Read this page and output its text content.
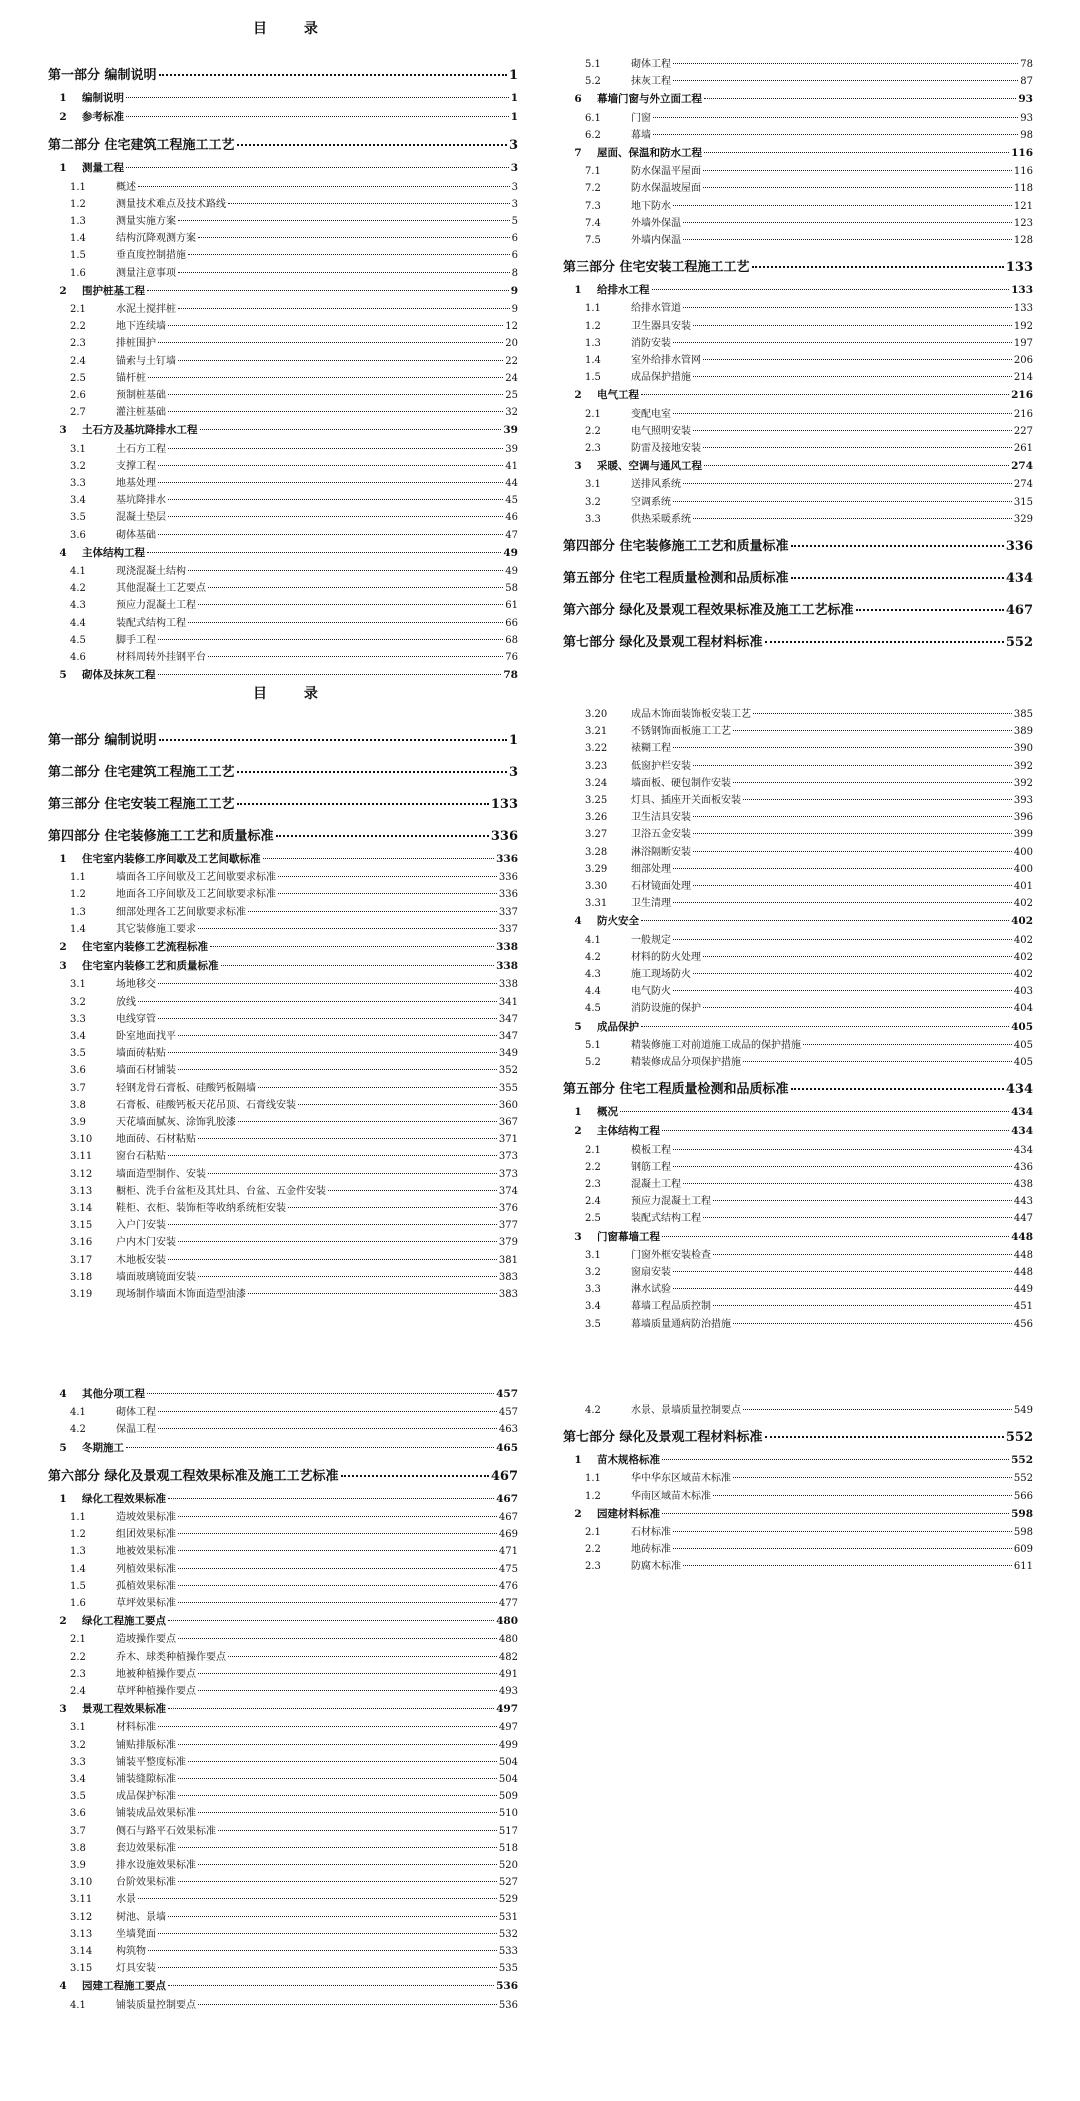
目 录
第一部分 编制说明	1
1	编制说明	1
2	参考标准	1
第二部分 住宅建筑工程施工工艺	3
1	测量工程	3
1.1	概述	3
1.2	测量技术难点及技术路线	3
1.3	测量实施方案	5
1.4	结构沉降观测方案	6
1.5	垂直度控制措施	6
1.6	测量注意事项	8
2	围护桩基工程	9
2.1	水泥土搅拌桩	9
2.2	地下连续墙	12
2.3	排桩围护	20
2.4	锚索与土钉墙	22
2.5	锚杆桩	24
2.6	预制桩基础	25
2.7	灌注桩基础	32
3	土石方及基坑降排水工程	39
3.1	土石方工程	39
3.2	支撑工程	41
3.3	地基处理	44
3.4	基坑降排水	45
3.5	混凝土垫层	46
3.6	砌体基础	47
4	主体结构工程	49
4.1	现浇混凝土结构	49
4.2	其他混凝土工艺要点	58
4.3	预应力混凝土工程	61
4.4	装配式结构工程	66
4.5	脚手工程	68
4.6	材料周转外挂钢平台	76
5	砌体及抹灰工程	78
5.1	砌体工程	78
5.2	抹灰工程	87
6	幕墙门窗与外立面工程	93
6.1	门窗	93
6.2	幕墙	98
7	屋面、保温和防水工程	116
7.1	防水保温平屋面	116
7.2	防水保温坡屋面	118
7.3	地下防水	121
7.4	外墙外保温	123
7.5	外墙内保温	128
第三部分 住宅安装工程施工工艺	133
1	给排水工程	133
1.1	给排水管道	133
1.2	卫生器具安装	192
1.3	消防安装	197
1.4	室外给排水管网	206
1.5	成品保护措施	214
2	电气工程	216
2.1	变配电室	216
2.2	电气照明安装	227
2.3	防雷及接地安装	261
3	采暖、空调与通风工程	274
3.1	送排风系统	274
3.2	空调系统	315
3.3	供热采暖系统	329
第四部分 住宅装修施工工艺和质量标准	336
第五部分 住宅工程质量检测和品质标准	434
第六部分 绿化及景观工程效果标准及施工工艺标准	467
第七部分 绿化及景观工程材料标准	552
目 录
第一部分 编制说明	1
第二部分 住宅建筑工程施工工艺	3
第三部分 住宅安装工程施工工艺	133
第四部分 住宅装修施工工艺和质量标准	336
1	住宅室内装修工序间歇及工艺间歇标准	336
1.1	墙面各工序间歇及工艺间歇要求标准	336
1.2	地面各工序间歇及工艺间歇要求标准	336
1.3	细部处理各工艺间歇要求标准	337
1.4	其它装修施工要求	337
2	住宅室内装修工艺流程标准	338
3	住宅室内装修工艺和质量标准	338
3.1	场地移交	338
3.2	放线	341
3.3	电线穿管	347
3.4	卧室地面找平	347
3.5	墙面砖粘贴	349
3.6	墙面石材铺装	352
3.7	轻钢龙骨石膏板、硅酸钙板隔墙	355
3.8	石膏板、硅酸钙板天花吊顶、石膏线安装	360
3.9	天花墙面腻灰、涂饰乳胶漆	367
3.10	地面砖、石材粘贴	371
3.11	窗台石粘贴	373
3.12	墙面造型制作、安装	373
3.13	橱柜、洗手台盆柜及其灶具、台盆、五金件安装	374
3.14	鞋柜、衣柜、装饰柜等收纳系统柜安装	376
3.15	入户门安装	377
3.16	户内木门安装	379
3.17	木地板安装	381
3.18	墙面玻璃镜面安装	383
3.19	现场制作墙面木饰面造型油漆	383
3.20	成品木饰面装饰板安装工艺	385
3.21	不锈钢饰面板施工工艺	389
3.22	裱糊工程	390
3.23	低窗护栏安装	392
3.24	墙面板、硬包制作安装	392
3.25	灯具、插座开关面板安装	393
3.26	卫生洁具安装	396
3.27	卫浴五金安装	399
3.28	淋浴隔断安装	400
3.29	细部处理	400
3.30	石材镜面处理	401
3.31	卫生清理	402
4	防火安全	402
4.1	一般规定	402
4.2	材料的防火处理	402
4.3	施工现场防火	402
4.4	电气防火	403
4.5	消防设施的保护	404
5	成品保护	405
5.1	精装修施工对前道施工成品的保护措施	405
5.2	精装修成品分项保护措施	405
第五部分 住宅工程质量检测和品质标准	434
1	概况	434
2	主体结构工程	434
2.1	模板工程	434
2.2	钢筋工程	436
2.3	混凝土工程	438
2.4	预应力混凝土工程	443
2.5	装配式结构工程	447
3	门窗幕墙工程	448
3.1	门窗外框安装检查	448
3.2	窗扇安装	448
3.3	淋水试验	449
3.4	幕墙工程品质控制	451
3.5	幕墙质量通病防治措施	456
4	其他分项工程	457
4.1	砌体工程	457
4.2	保温工程	463
5	冬期施工	465
第六部分 绿化及景观工程效果标准及施工工艺标准	467
1	绿化工程效果标准	467
1.1	造坡效果标准	467
1.2	组团效果标准	469
1.3	地被效果标准	471
1.4	列植效果标准	475
1.5	孤植效果标准	476
1.6	草坪效果标准	477
2	绿化工程施工要点	480
2.1	造坡操作要点	480
2.2	乔木、球类种植操作要点	482
2.3	地被种植操作要点	491
2.4	草坪种植操作要点	493
3	景观工程效果标准	497
3.1	材料标准	497
3.2	铺贴排版标准	499
3.3	铺装平整度标准	504
3.4	铺装缝隙标准	504
3.5	成品保护标准	509
3.6	铺装成品效果标准	510
3.7	侧石与路平石效果标准	517
3.8	套边效果标准	518
3.9	排水设施效果标准	520
3.10	台阶效果标准	527
3.11	水景	529
3.12	树池、景墙	531
3.13	坐墙凳面	532
3.14	构筑物	533
3.15	灯具安装	535
4	园建工程施工要点	536
4.1	铺装质量控制要点	536
4.2	水景、景墙质量控制要点	549
第七部分 绿化及景观工程材料标准	552
1	苗木规格标准	552
1.1	华中华东区域苗木标准	552
1.2	华南区域苗木标准	566
2	园建材料标准	598
2.1	石材标准	598
2.2	地砖标准	609
2.3	防腐木标准	611
